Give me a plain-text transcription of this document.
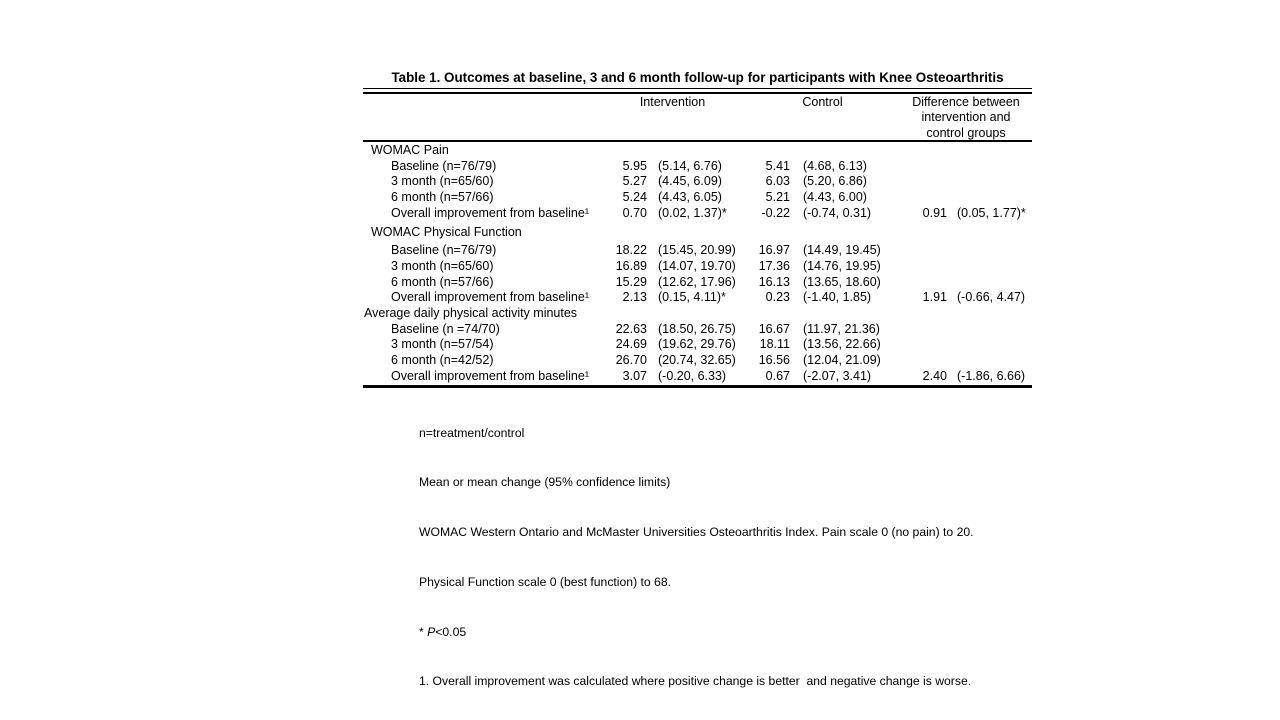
Table 1. Outcomes at baseline, 3 and 6 month follow-up for participants with Knee Osteoarthritis
Intervention	Control	Difference between
intervention and
control groups
WOMAC Pain
Baseline (n=76/79)	5.95 (5.14, 6.76)	5.41	(4.68, 6.13)
3 month (n=65/60)	5.27 (4.45, 6.09)	6.03	(5.20, 6.86)
6 month (n=57/66)	5.24 (4.43, 6.05)	5.21	(4.43, 6.00)
Overall improvement from baseline¹	0.70 (0.02, 1.37)*	-0.22	(-0.74, 0.31)	0.91 (0.05, 1.77)*
WOMAC Physical Function
Baseline (n=76/79)	18.22 (15.45, 20.99)	16.97	(14.49, 19.45)
3 month (n=65/60)	16.89 (14.07, 19.70)	17.36	(14.76, 19.95)
6 month (n=57/66)	15.29 (12.62, 17.96)	16.13	(13.65, 18.60)
Overall improvement from baseline¹	2.13 (0.15, 4.11)*	0.23	(-1.40, 1.85)	1.91 (-0.66, 4.47)
Average daily physical activity minutes
Baseline (n =74/70)	22.63 (18.50, 26.75)	16.67	(11.97, 21.36)
3 month (n=57/54)	24.69 (19.62, 29.76)	18.11	(13.56, 22.66)
6 month (n=42/52)	26.70 (20.74, 32.65)	16.56	(12.04, 21.09)
Overall improvement from baseline¹	3.07 (-0.20, 6.33)	0.67	(-2.07, 3.41)	2.40 (-1.86, 6.66)

n=treatment/control

Mean or mean change (95% confidence limits)

WOMAC Western Ontario and McMaster Universities Osteoarthritis Index. Pain scale 0 (no pain) to 20.

Physical Function scale 0 (best function) to 68.

* P<0.05

1. Overall improvement was calculated where positive change is better  and negative change is worse.
